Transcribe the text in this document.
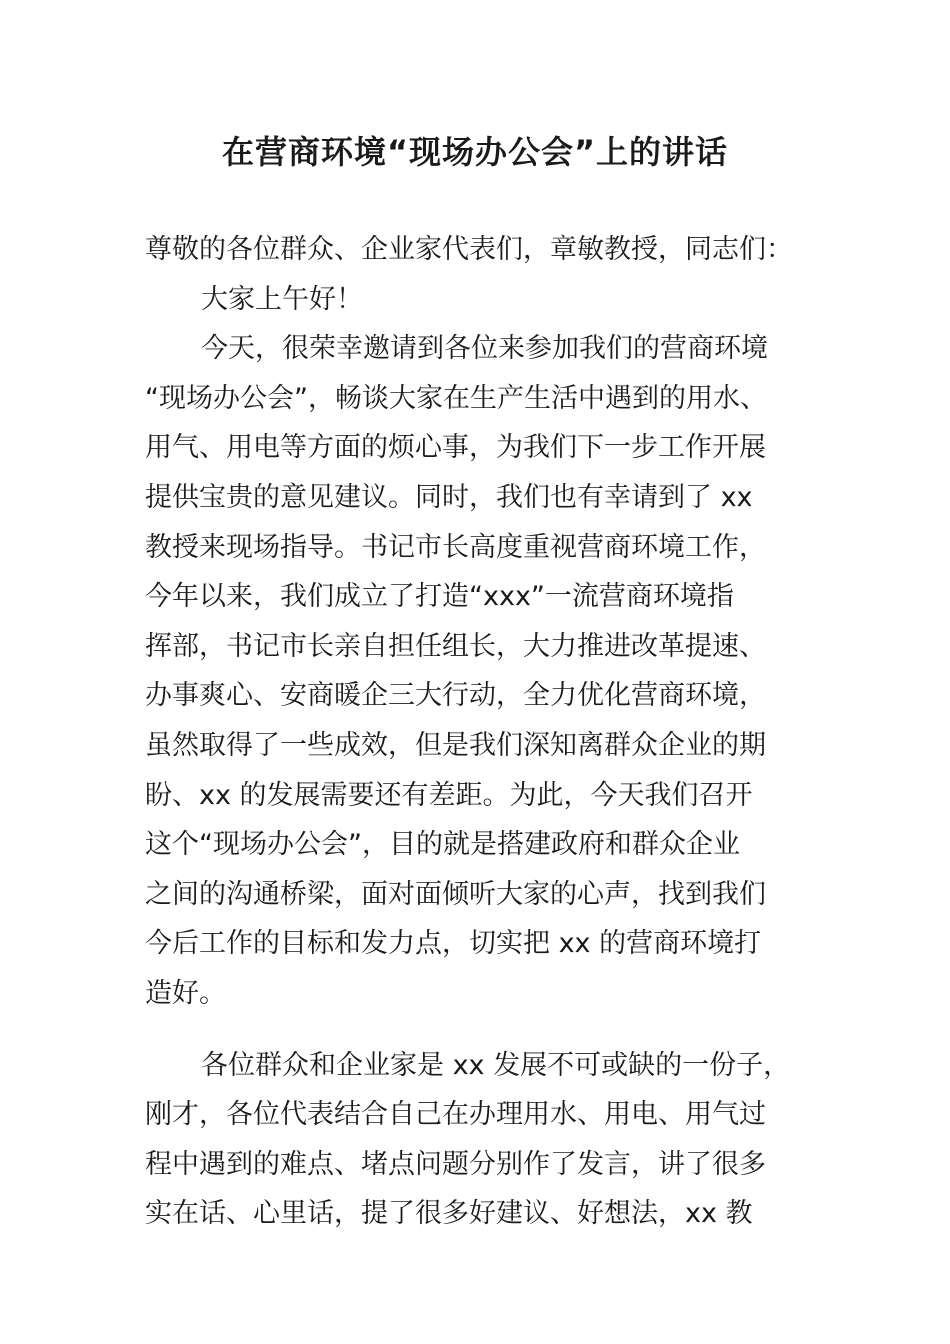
在营商环境“现场办公会”上的讲话
尊敬的各位群众、企业家代表们，章敏教授，同志们：
大家上午好！
今天，很荣幸邀请到各位来参加我们的营商环境
“现场办公会”，畅谈大家在生产生活中遇到的用水、
用气、用电等方面的烦心事，为我们下一步工作开展
提供宝贵的意见建议。同时，我们也有幸请到了 xx
教授来现场指导。书记市长高度重视营商环境工作，
今年以来，我们成立了打造“xxx”一流营商环境指
挥部，书记市长亲自担任组长，大力推进改革提速、
办事爽心、安商暖企三大行动，全力优化营商环境，
虽然取得了一些成效，但是我们深知离群众企业的期
盼、xx 的发展需要还有差距。为此，今天我们召开
这个“现场办公会”，目的就是搭建政府和群众企业
之间的沟通桥梁，面对面倾听大家的心声，找到我们
今后工作的目标和发力点，切实把 xx 的营商环境打
造好。
各位群众和企业家是 xx 发展不可或缺的一份子，
刚才，各位代表结合自己在办理用水、用电、用气过
程中遇到的难点、堵点问题分别作了发言，讲了很多
实在话、心里话，提了很多好建议、好想法，xx 教
